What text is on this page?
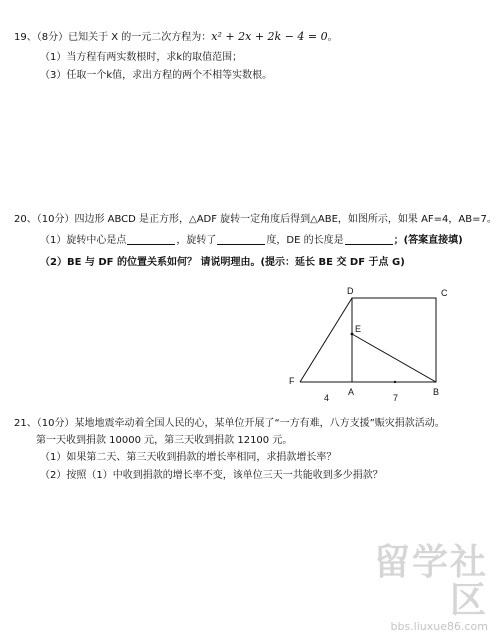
19、（8分）已知关于 X 的一元二次方程为：x² + 2x + 2k − 4 = 0。
（1）当方程有两实数根时，求k的取值范围；
（3）任取一个k值，求出方程的两个不相等实数根。
20、（10分）四边形 ABCD 是正方形，△ADF 旋转一定角度后得到△ABE，如图所示，如果 AF=4，AB=7。
（1）旋转中心是点	，旋转了	度，DE 的长度是	；(答案直接填)
（2）BE 与 DF 的位置关系如何？ 请说明理由。(提示：延长 BE 交 DF 于点 G)
D	C
E
F
A	B
4	7
21、（10分）某地地震牵动着全国人民的心，某单位开展了“一方有难，八方支援”赈灾捐款活动。
第一天收到捐款 10000 元，第三天收到捐款 12100 元。
（1）如果第二天、第三天收到捐款的增长率相同，求捐款增长率？
（2）按照（1）中收到捐款的增长率不变，该单位三天一共能收到多少捐款？
留学社区
bbs.liuxue86.com
